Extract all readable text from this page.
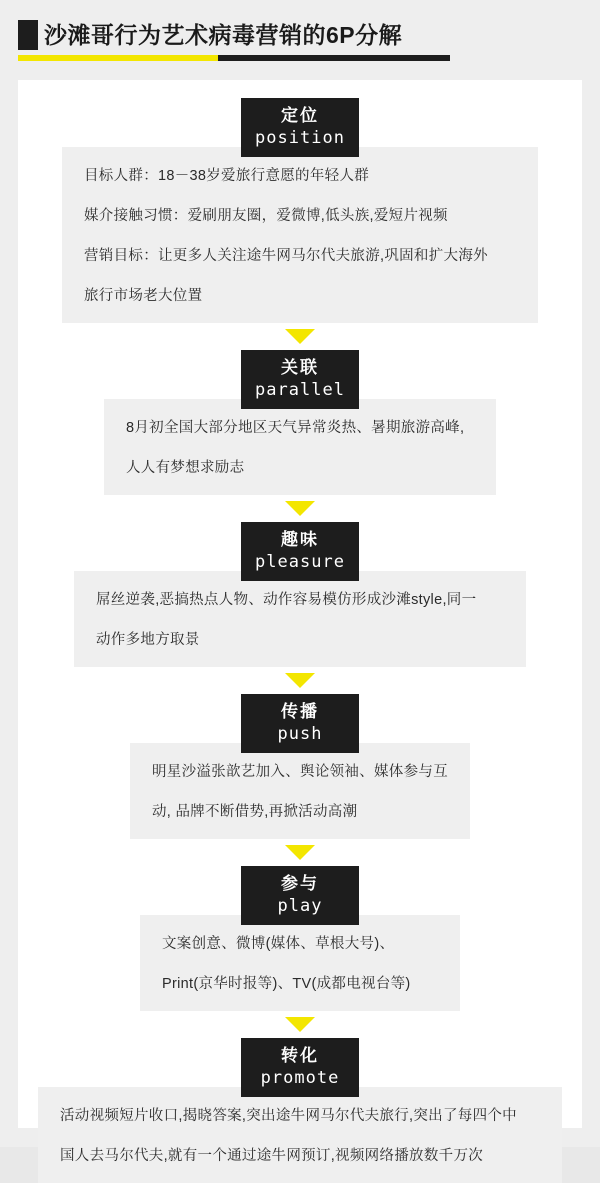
沙滩哥行为艺术病毒营销的6P分解
定位
position

目标人群：18－38岁爱旅行意愿的年轻人群

媒介接触习惯：爱刷朋友圈，爱微博,低头族,爱短片视频

营销目标：让更多人关注途牛网马尔代夫旅游,巩固和扩大海外

旅行市场老大位置

关联
parallel

8月初全国大部分地区天气异常炎热、暑期旅游高峰,

人人有梦想求励志

趣味
pleasure

屌丝逆袭,恶搞热点人物、动作容易模仿形成沙滩style,同一

动作多地方取景

传播
push

明星沙溢张歆艺加入、舆论领袖、媒体参与互

动, 品牌不断借势,再掀活动高潮

参与
play

文案创意、微博(媒体、草根大号)、

Print(京华时报等)、TV(成都电视台等)

转化
promote

活动视频短片收口,揭晓答案,突出途牛网马尔代夫旅行,突出了每四个中

国人去马尔代夫,就有一个通过途牛网预订,视频网络播放数千万次
